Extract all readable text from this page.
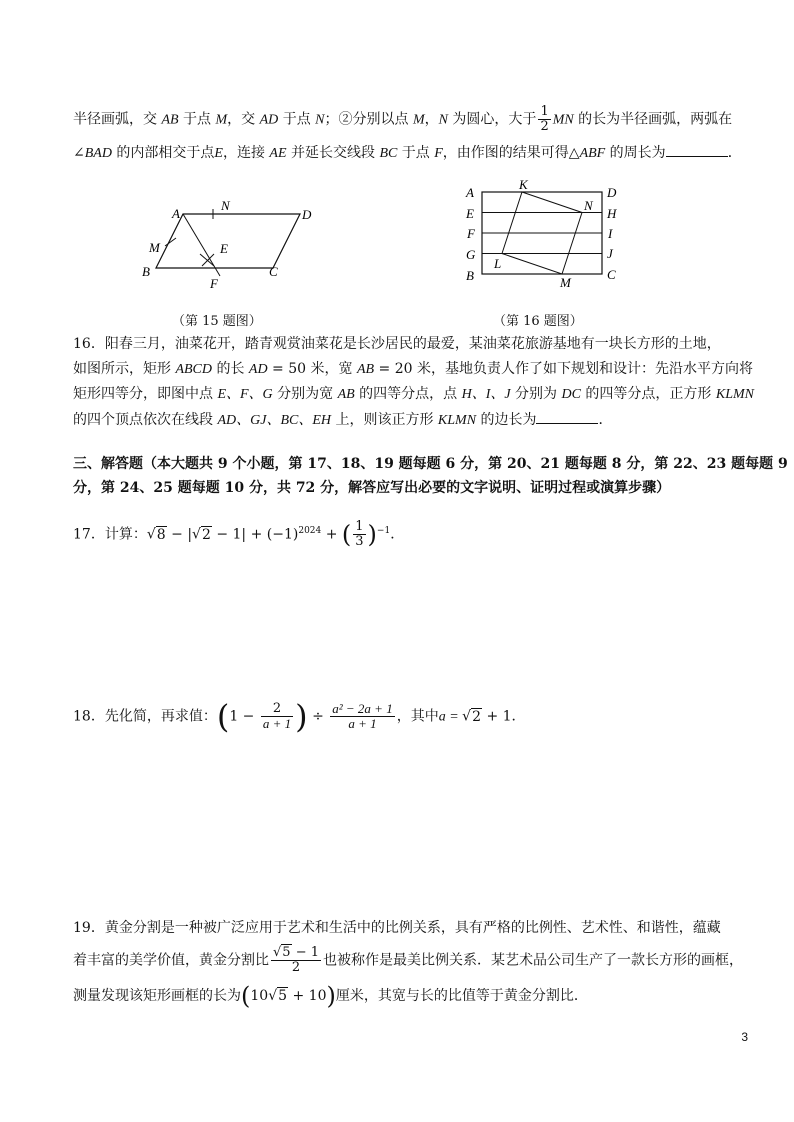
半径画弧，交 AB 于点 M，交 AD 于点 N；②分别以点 M，N 为圆心，大于 $\frac{1}{2}$ MN 的长为半径画弧，两弧在
∠BAD 的内部相交于点E，连接 AE 并延长交线段 BC 于点 F，由作图的结果可得△ABF 的周长为	．
A
N
D
M	E
B
F
C
（第 15 题图）
A
K
D
E
N
H
F	I
G	J
L
B	M
C
（第 16 题图）
16．阳春三月，油菜花开，踏青观赏油菜花是长沙居民的最爱，某油菜花旅游基地有一块长方形的土地，
如图所示，矩形 ABCD 的长 AD = 50 米，宽 AB = 20 米，基地负责人作了如下规划和设计：先沿水平方向将
矩形四等分，即图中点 E、F、G 分别为宽 AB 的四等分点，点 H、I、J 分别为 DC 的四等分点，正方形 KLMN
的四个顶点依次在线段 AD、GJ、BC、EH 上，则该正方形 KLMN 的边长为	．
三、解答题（本大题共 9 个小题，第 17、18、19 题每题 6 分，第 20、21 题每题 8 分，第 22、23 题每题 9
分，第 24、25 题每题 10 分，共 72 分，解答应写出必要的文字说明、证明过程或演算步骤）
17．计算：$√8 - |√2 - 1| + (-1)^{2024}$ + ( $\frac{1}{3} )^{-1}$．
18．先化简，再求值：($1 - \frac{2}{a + 1}$ ) ÷ $\frac{\text{a² − 2a + 1}}{a + 1}$ ，其中a = √2 + 1．
19．黄金分割是一种被广泛应用于艺术和生活中的比例关系，具有严格的比例性、艺术性、和谐性，蕴藏
着丰富的美学价值，黄金分割比 $\frac{√5 - 1}{2}$ 也被称作是最美比例关系．某艺术品公司生产了一款长方形的画框，
测量发现该矩形画框的长为(10√5 + 10)厘米，其宽与长的比值等于黄金分割比．
3
